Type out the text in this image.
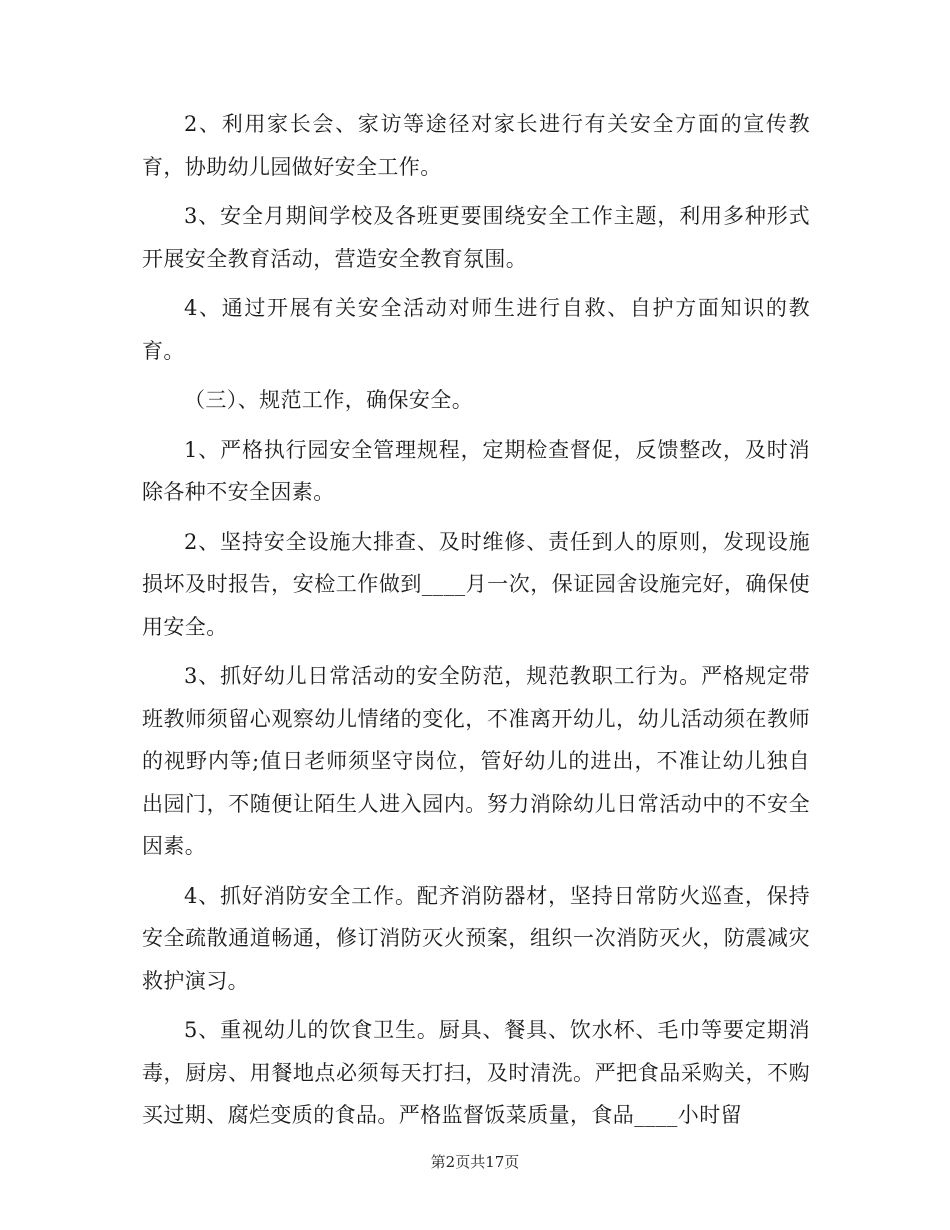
2、利用家长会、家访等途径对家长进行有关安全方面的宣传教育，协助幼儿园做好安全工作。

3、安全月期间学校及各班更要围绕安全工作主题，利用多种形式开展安全教育活动，营造安全教育氛围。

4、通过开展有关安全活动对师生进行自救、自护方面知识的教育。

（三）、规范工作，确保安全。

1、严格执行园安全管理规程，定期检查督促，反馈整改，及时消除各种不安全因素。

2、坚持安全设施大排查、及时维修、责任到人的原则，发现设施损坏及时报告，安检工作做到____月一次，保证园舍设施完好，确保使用安全。

3、抓好幼儿日常活动的安全防范，规范教职工行为。严格规定带班教师须留心观察幼儿情绪的变化，不准离开幼儿，幼儿活动须在教师的视野内等;值日老师须坚守岗位，管好幼儿的进出，不准让幼儿独自出园门，不随便让陌生人进入园内。努力消除幼儿日常活动中的不安全因素。

4、抓好消防安全工作。配齐消防器材，坚持日常防火巡查，保持安全疏散通道畅通，修订消防灭火预案，组织一次消防灭火，防震减灾救护演习。

5、重视幼儿的饮食卫生。厨具、餐具、饮水杯、毛巾等要定期消毒，厨房、用餐地点必须每天打扫，及时清洗。严把食品采购关，不购买过期、腐烂变质的食品。严格监督饭菜质量，食品____小时留

第2页共17页
